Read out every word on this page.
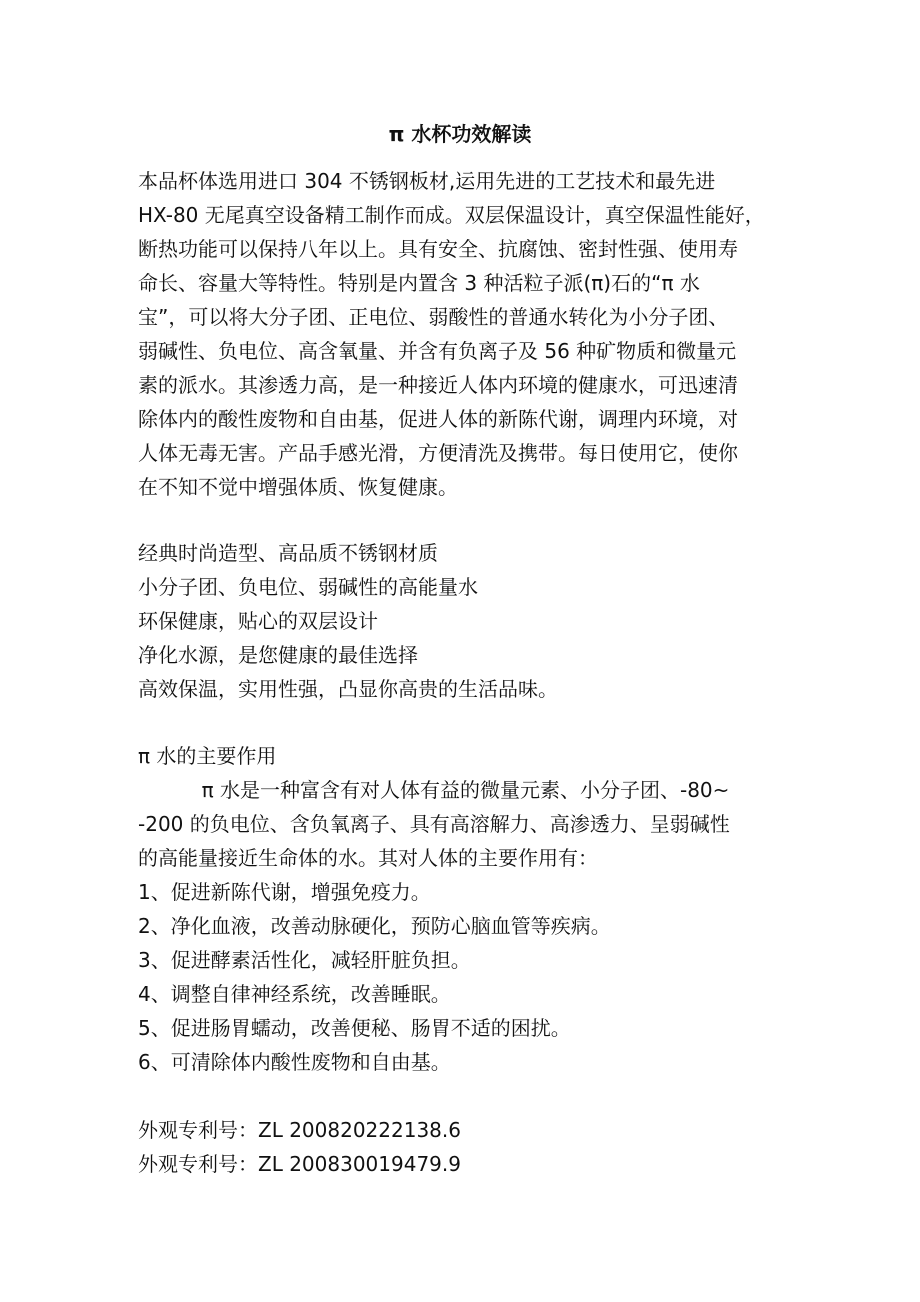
π 水杯功效解读
本品杯体选用进口 304 不锈钢板材,运用先进的工艺技术和最先进
HX-80 无尾真空设备精工制作而成。双层保温设计，真空保温性能好，
断热功能可以保持八年以上。具有安全、抗腐蚀、密封性强、使用寿
命长、容量大等特性。特别是内置含 3 种活粒子派(π)石的“π 水
宝”，可以将大分子团、正电位、弱酸性的普通水转化为小分子团、
弱碱性、负电位、高含氧量、并含有负离子及 56 种矿物质和微量元
素的派水。其渗透力高，是一种接近人体内环境的健康水，可迅速清
除体内的酸性废物和自由基，促进人体的新陈代谢，调理内环境，对
人体无毒无害。产品手感光滑，方便清洗及携带。每日使用它，使你
在不知不觉中增强体质、恢复健康。
经典时尚造型、高品质不锈钢材质
小分子团、负电位、弱碱性的高能量水
环保健康，贴心的双层设计
净化水源，是您健康的最佳选择
高效保温，实用性强，凸显你高贵的生活品味。
π 水的主要作用
π 水是一种富含有对人体有益的微量元素、小分子团、-80~
-200 的负电位、含负氧离子、具有高溶解力、高渗透力、呈弱碱性
的高能量接近生命体的水。其对人体的主要作用有：
1、促进新陈代谢，增强免疫力。
2、净化血液，改善动脉硬化，预防心脑血管等疾病。
3、促进酵素活性化，减轻肝脏负担。
4、调整自律神经系统，改善睡眠。
5、促进肠胃蠕动，改善便秘、肠胃不适的困扰。
6、可清除体内酸性废物和自由基。
外观专利号：ZL 200820222138.6
外观专利号：ZL 200830019479.9
